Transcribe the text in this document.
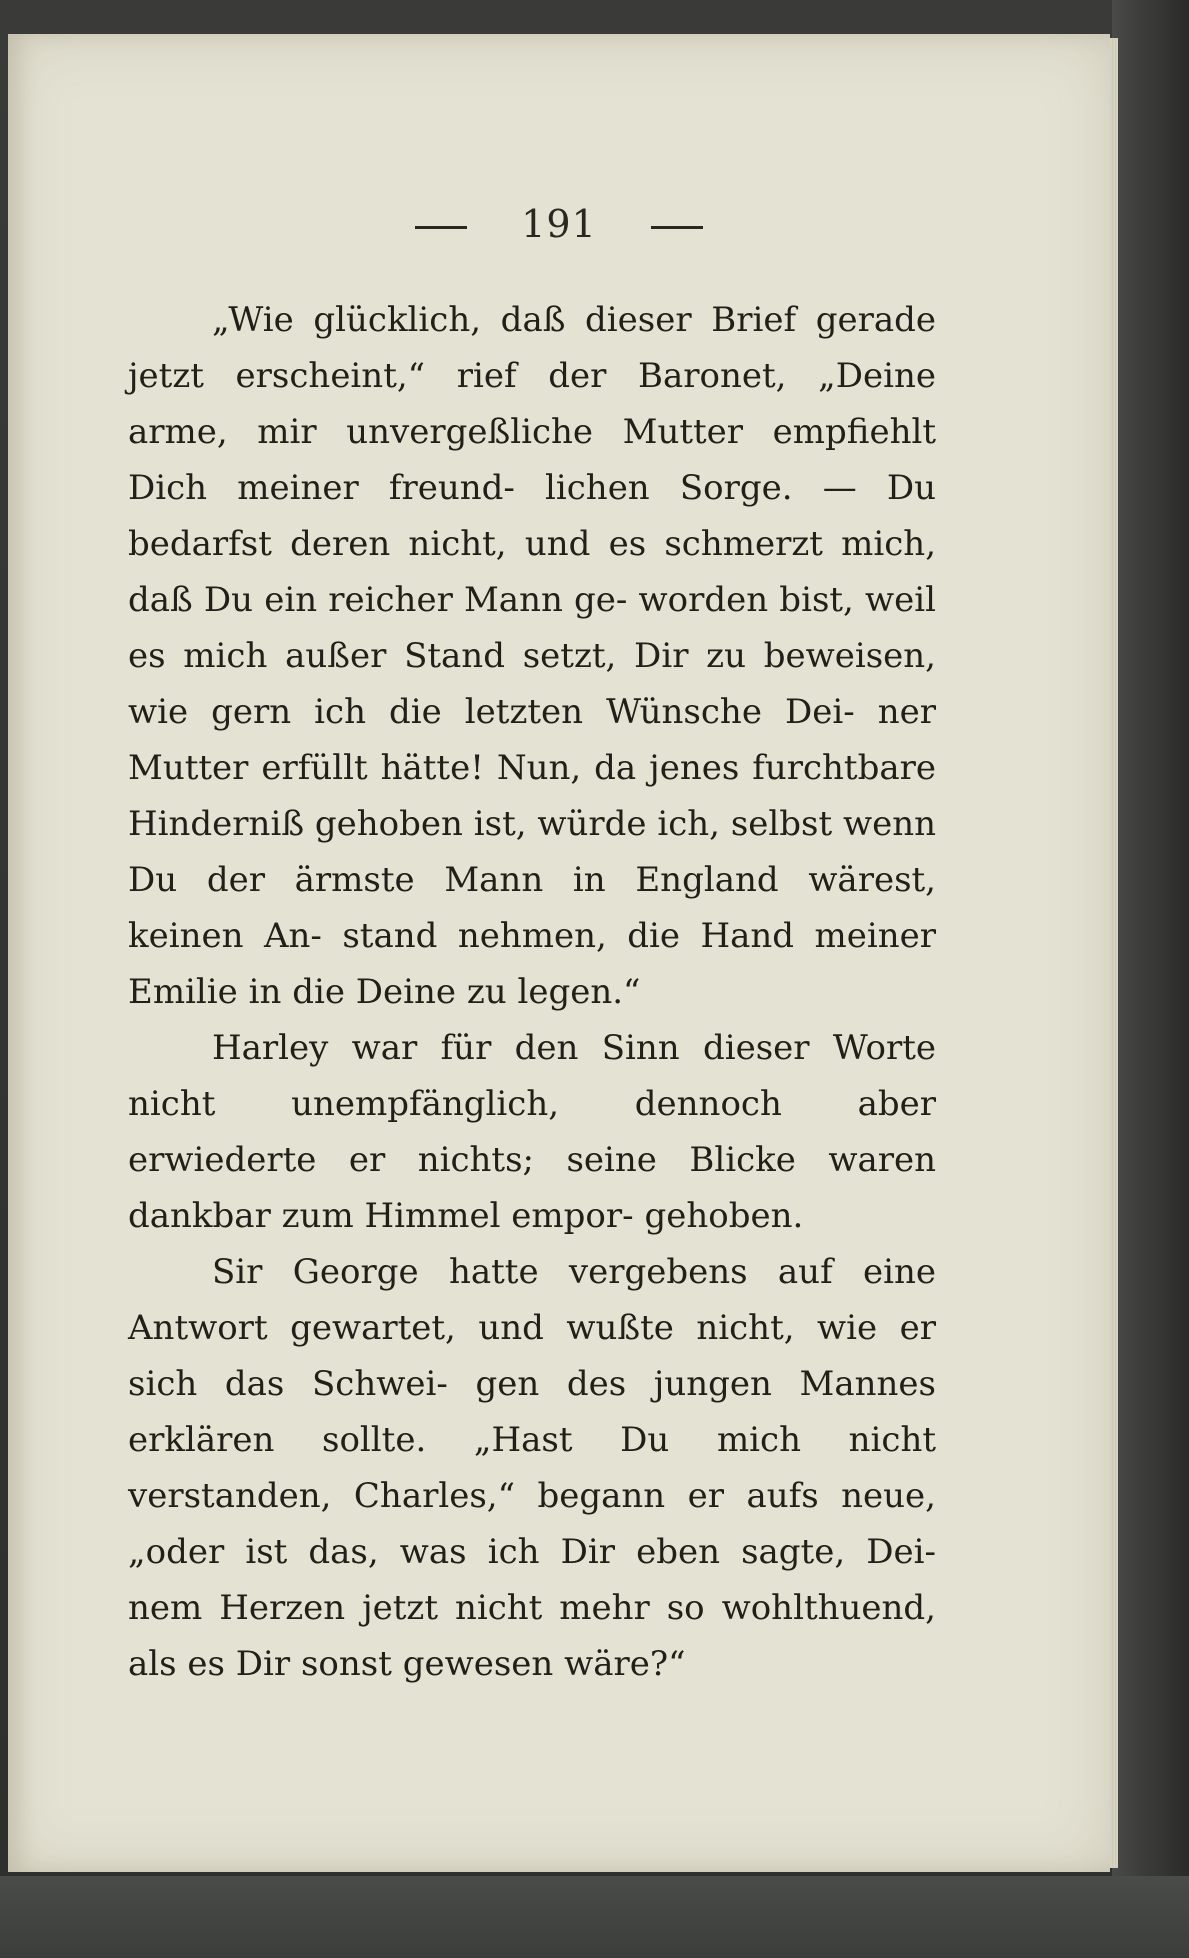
191

„Wie glücklich, daß dieser Brief gerade jetzt erscheint,“ rief der Baronet, „Deine arme, mir unvergeßliche Mutter empfiehlt Dich meiner freund- lichen Sorge. — Du bedarfst deren nicht, und es schmerzt mich, daß Du ein reicher Mann ge- worden bist, weil es mich außer Stand setzt, Dir zu beweisen, wie gern ich die letzten Wünsche Dei- ner Mutter erfüllt hätte! Nun, da jenes furchtbare Hinderniß gehoben ist, würde ich, selbst wenn Du der ärmste Mann in England wärest, keinen An- stand nehmen, die Hand meiner Emilie in die Deine zu legen.“

Harley war für den Sinn dieser Worte nicht unempfänglich, dennoch aber erwiederte er nichts; seine Blicke waren dankbar zum Himmel empor- gehoben.

Sir George hatte vergebens auf eine Antwort gewartet, und wußte nicht, wie er sich das Schwei- gen des jungen Mannes erklären sollte. „Hast Du mich nicht verstanden, Charles,“ begann er aufs neue, „oder ist das, was ich Dir eben sagte, Dei- nem Herzen jetzt nicht mehr so wohlthuend, als es Dir sonst gewesen wäre?“
